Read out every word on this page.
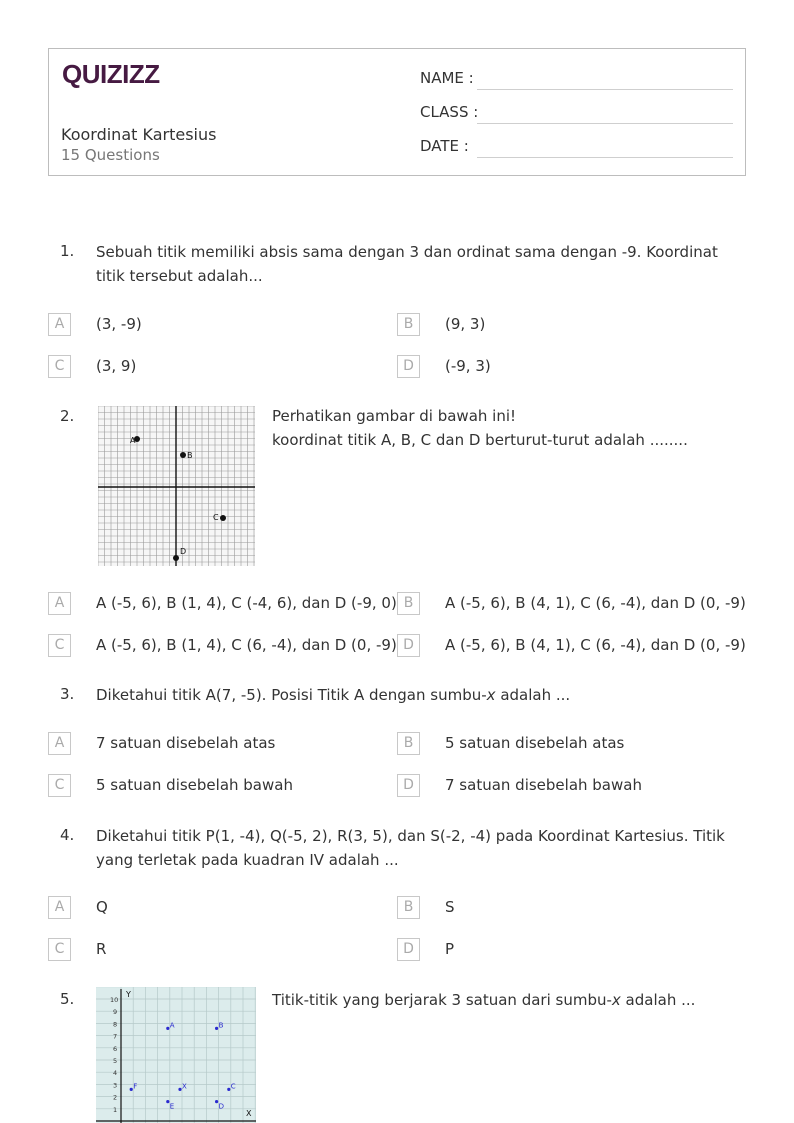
QUIZIZZ
Koordinat Kartesius
15 Questions
NAME :
CLASS :
DATE :
1. Sebuah titik memiliki absis sama dengan 3 dan ordinat sama dengan -9. Koordinat titik tersebut adalah...
A	(3, -9)	B	(9, 3)
C	(3, 9)	D	(-9, 3)
2.
A
B
C
D
Perhatikan gambar di bawah ini!
koordinat titik A, B, C dan D berturut-turut adalah ........
A	A (-5, 6), B (1, 4), C (-4, 6), dan D (-9, 0) B	A (-5, 6), B (4, 1), C (6, -4), dan D (0, -9)
C	A (-5, 6), B (1, 4), C (6, -4), dan D (0, -9) D	A (-5, 6), B (4, 1), C (6, -4), dan D (0, -9)
3. Diketahui titik A(7, -5). Posisi Titik A dengan sumbu-x adalah ...
A	7 satuan disebelah atas	B	5 satuan disebelah atas
C	5 satuan disebelah bawah	D	7 satuan disebelah bawah
4. Diketahui titik P(1, -4), Q(-5, 2), R(3, 5), dan S(-2, -4) pada Koordinat Kartesius. Titik yang terletak pada kuadran IV adalah ...
A	Q	B	S
C	R	D	P
5.
X
Y
10
9
8
7
6
5
4
3
2
1
A	B
C
D
E
F	X
Titik-titik yang berjarak 3 satuan dari sumbu-x adalah ...
